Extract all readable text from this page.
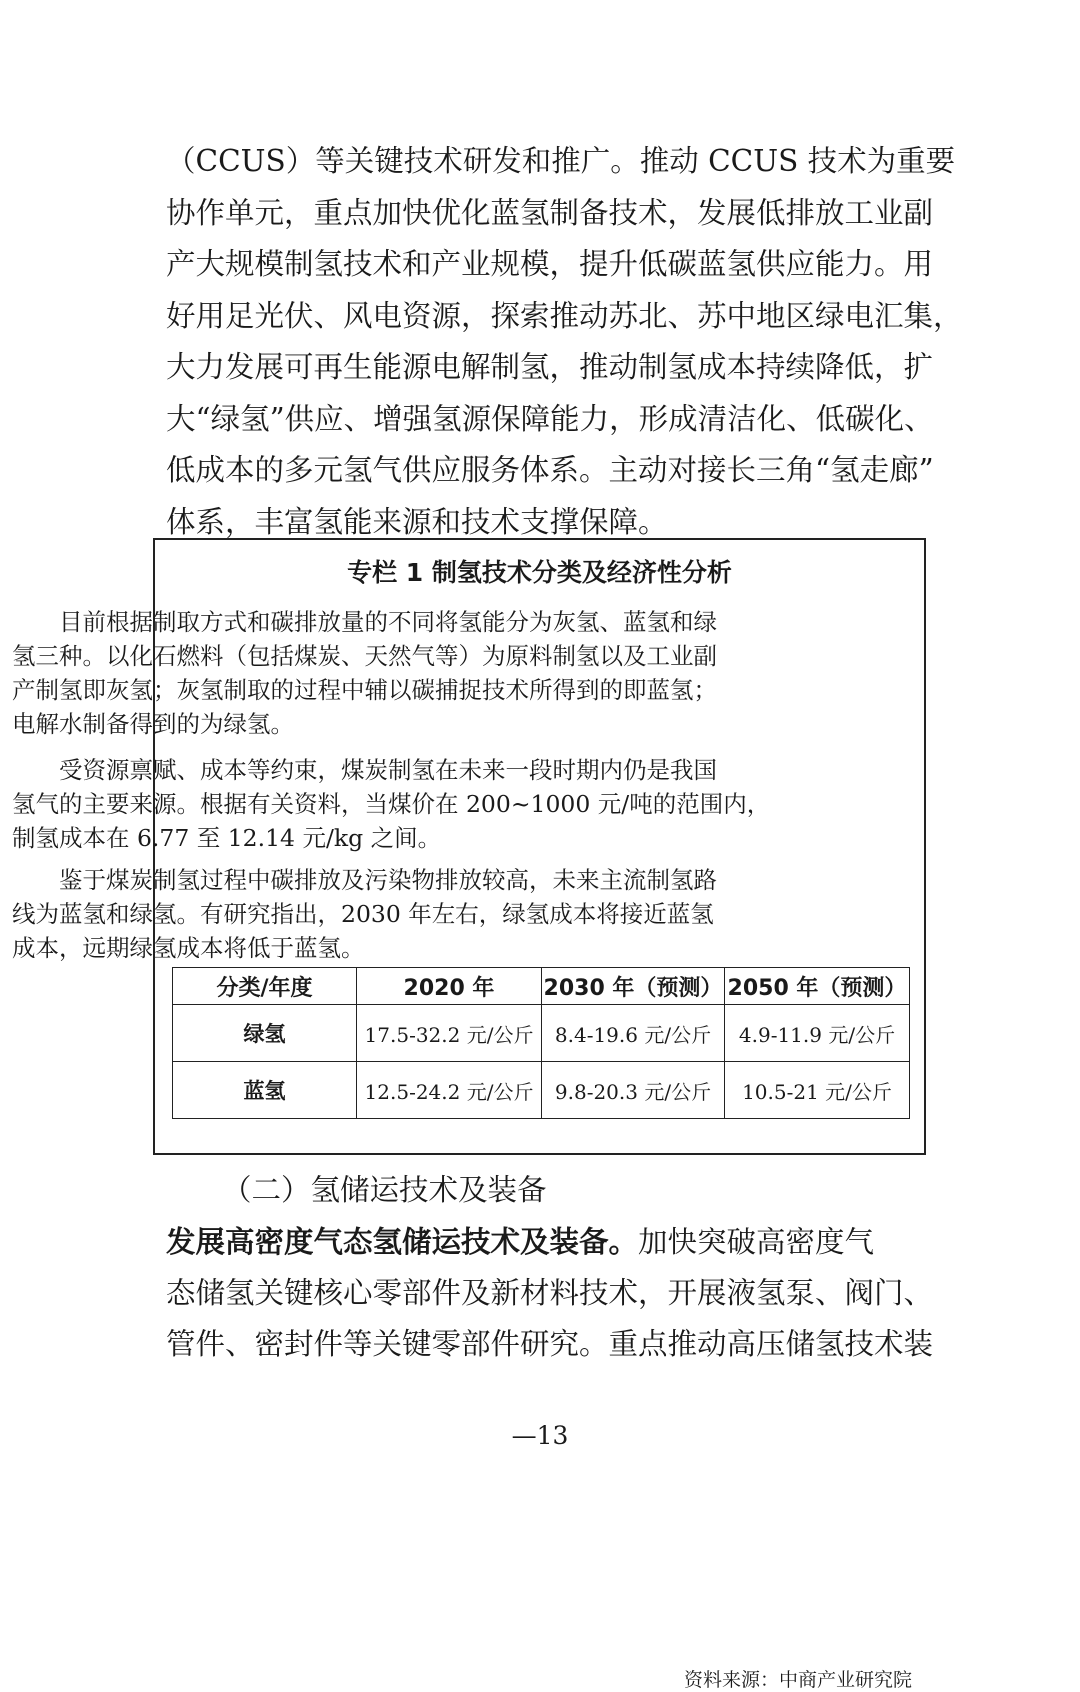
（CCUS）等关键技术研发和推广。推动 CCUS 技术为重要
协作单元，重点加快优化蓝氢制备技术，发展低排放工业副
产大规模制氢技术和产业规模，提升低碳蓝氢供应能力。用
好用足光伏、风电资源，探索推动苏北、苏中地区绿电汇集，
大力发展可再生能源电解制氢，推动制氢成本持续降低，扩
大“绿氢”供应、增强氢源保障能力，形成清洁化、低碳化、
低成本的多元氢气供应服务体系。主动对接长三角“氢走廊”
体系，丰富氢能来源和技术支撑保障。
专栏 1 制氢技术分类及经济性分析
资料来源：中商产业研究院
　　目前根据制取方式和碳排放量的不同将氢能分为灰氢、蓝氢和绿
氢三种。以化石燃料（包括煤炭、天然气等）为原料制氢以及工业副
产制氢即灰氢；灰氢制取的过程中辅以碳捕捉技术所得到的即蓝氢；
电解水制备得到的为绿氢。
　　受资源禀赋、成本等约束，煤炭制氢在未来一段时期内仍是我国
氢气的主要来源。根据有关资料，当煤价在 200~1000 元/吨的范围内，
制氢成本在 6.77 至 12.14 元/kg 之间。
　　鉴于煤炭制氢过程中碳排放及污染物排放较高，未来主流制氢路
线为蓝氢和绿氢。有研究指出，2030 年左右，绿氢成本将接近蓝氢
成本，远期绿氢成本将低于蓝氢。
分类/年度	2020 年	2030 年（预测）	2050 年（预测）
绿氢	17.5-32.2 元/公斤	8.4-19.6 元/公斤	4.9-11.9 元/公斤
蓝氢	12.5-24.2 元/公斤	9.8-20.3 元/公斤	10.5-21 元/公斤
（二）氢储运技术及装备
发展高密度气态氢储运技术及装备。加快突破高密度气
态储氢关键核心零部件及新材料技术，开展液氢泵、阀门、
管件、密封件等关键零部件研究。重点推动高压储氢技术装
—13
